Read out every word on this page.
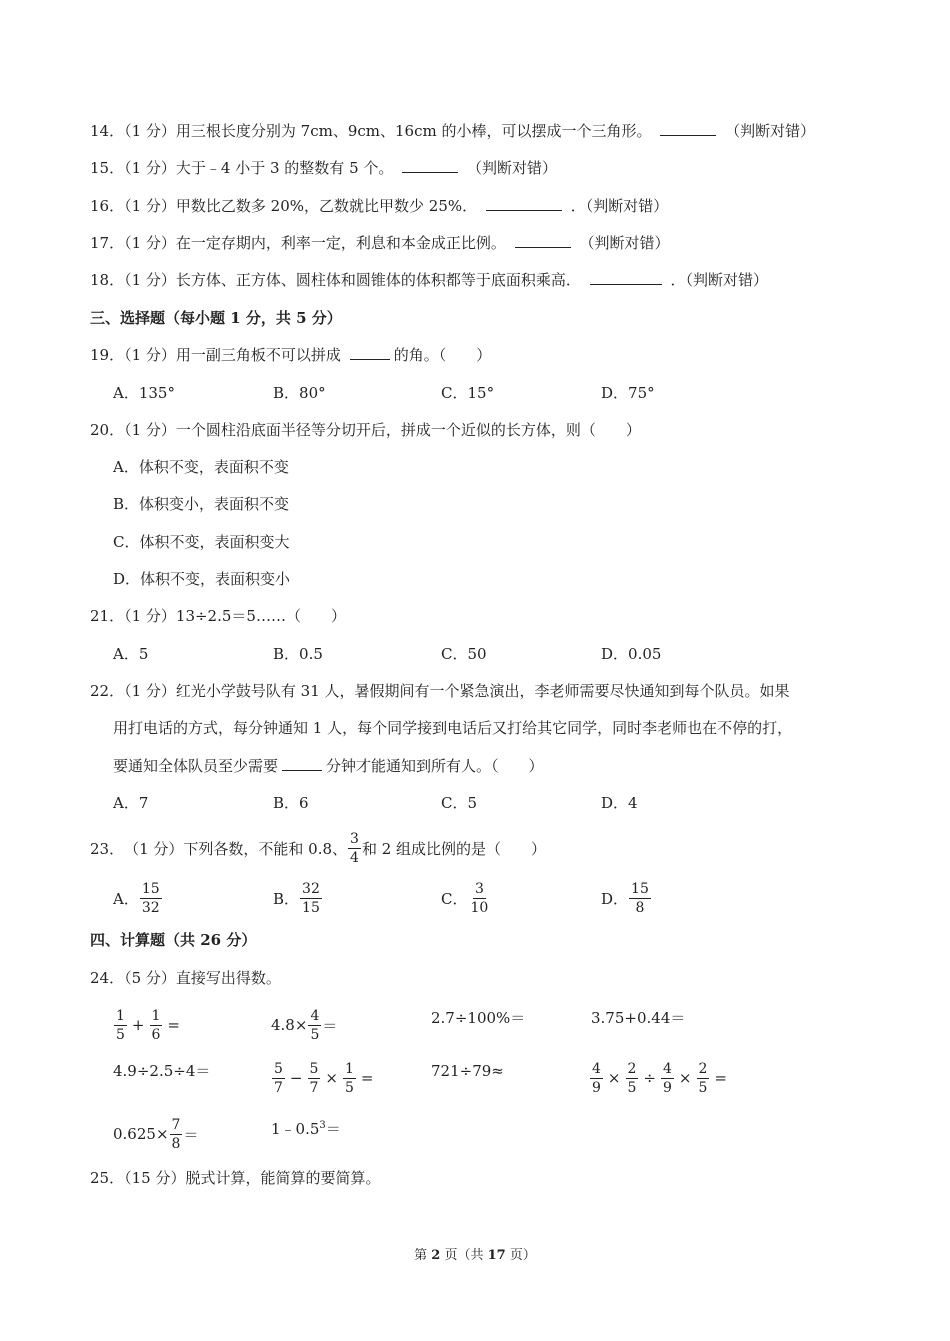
14．（1 分）用三根长度分别为 7cm、9cm、16cm 的小棒，可以摆成一个三角形。	（判断对错）
15．（1 分）大于﹣4 小于 3 的整数有 5 个。	（判断对错）
16．（1 分）甲数比乙数多 20%，乙数就比甲数少 25%．	．（判断对错）
17．（1 分）在一定存期内，利率一定，利息和本金成正比例。	（判断对错）
18．（1 分）长方体、正方体、圆柱体和圆锥体的体积都等于底面积乘高．	．（判断对错）
三、选择题（每小题 1 分，共 5 分）
19．（1 分）用一副三角板不可以拼成	的角。（　　）
A．135°	B．80°	C．15°	D．75°
20．（1 分）一个圆柱沿底面半径等分切开后，拼成一个近似的长方体，则（　　）
A．体积不变，表面积不变
B．体积变小，表面积不变
C．体积不变，表面积变大
D．体积不变，表面积变小
21．（1 分）13÷2.5＝5……（　　）
A．5	B．0.5	C．50	D．0.05
22．（1 分）红光小学鼓号队有 31 人，暑假期间有一个紧急演出，李老师需要尽快通知到每个队员。如果
用打电话的方式，每分钟通知 1 人，每个同学接到电话后又打给其它同学，同时李老师也在不停的打，
要通知全体队员至少需要	分钟才能通知到所有人。（　　）
A．7	B．6	C．5	D．4
23． （1 分） 下列各数，不能和 0.8、 $\frac{3}{4}$ 和 2 组成比例的是（　　）
A． $\frac{15}{32}$	B． $\frac{32}{15}$	C． $\frac{3}{10}$	D． $\frac{15}{8}$
四、计算题（共 26 分）
24．（5 分）直接写出得数。
$\frac{1}{5} + \frac{1}{6}$ =	$4.8\times \frac{4}{5}$ ＝	2.7÷100%＝	3.75+0.44＝
4.9÷2.5÷4＝	$\frac{5}{7} - \frac{5}{7} \times \frac{1}{5}$ =	721÷79≈	$\frac{4}{9} \times \frac{2}{5} \div \frac{4}{9} \times \frac{2}{5}$ =
$0.625\times \frac{7}{8}$ ＝	$1﹣0.5^3=$
25．（15 分）脱式计算，能简算的要简算。
第 2 页（共 17 页）
